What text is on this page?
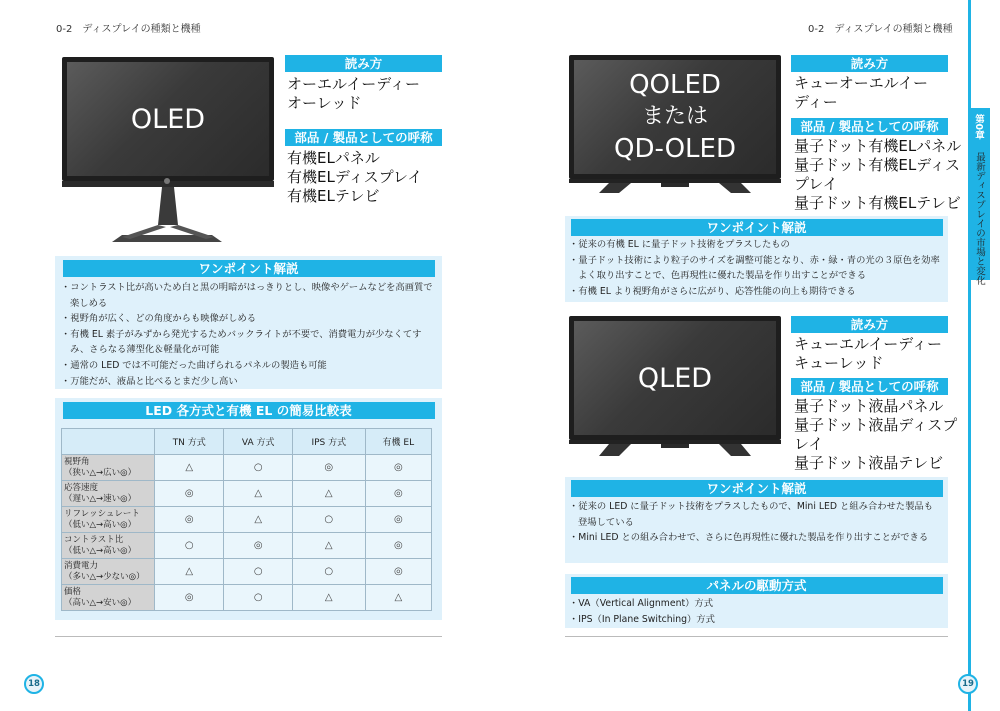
0-2　ディスプレイの種類と機種	0-2　ディスプレイの種類と機種
OLED
読み方
オーエルイーディー
オーレッド
部品 / 製品としての呼称
有機ELパネル
有機ELディスプレイ
有機ELテレビ
ワンポイント解説
・コントラスト比が高いため白と黒の明暗がはっきりとし、映像やゲームなどを高画質で楽しめる
・視野角が広く、どの角度からも映像がしめる
・有機 EL 素子がみずから発光するためバックライトが不要で、消費電力が少なくてすみ、さらなる薄型化＆軽量化が可能
・通常の LED では不可能だった曲げられるパネルの製造も可能
・万能だが、液晶と比べるとまだ少し高い
LED 各方式と有機 EL の簡易比較表
	TN 方式	VA 方式	IPS 方式	有機 EL

視野角
（狭い△→広い◎）	△	○	◎	◎

応答速度
（遅い△→速い◎）	◎	△	△	◎

リフレッシュレート
（低い△→高い◎）	◎	△	○	◎

コントラスト比
（低い△→高い◎）	○	◎	△	◎

消費電力
（多い△→少ない◎）	△	○	○	◎

価格
（高い△→安い◎）	◎	○	△	△
QOLED
または
QD-OLED
読み方
キューオーエルイー
ディー
部品 / 製品としての呼称
量子ドット有機ELパネル
量子ドット有機ELディス
プレイ
量子ドット有機ELテレビ
ワンポイント解説
・従来の有機 EL に量子ドット技術をプラスしたもの
・量子ドット技術により粒子のサイズを調整可能となり、赤・緑・青の光の３原色を効率よく取り出すことで、色再現性に優れた製品を作り出すことができる
・有機 EL より視野角がさらに広がり、応答性能の向上も期待できる
QLED
読み方
キューエルイーディー
キューレッド
部品 / 製品としての呼称
量子ドット液晶パネル
量子ドット液晶ディスプ
レイ
量子ドット液晶テレビ
ワンポイント解説
・従来の LED に量子ドット技術をプラスしたもので、Mini LED と組み合わせた製品も登場している
・Mini LED との組み合わせで、さらに色再現性に優れた製品を作り出すことができる
パネルの駆動方式
・VA（Vertical Alignment）方式
・IPS（In Plane Switching）方式
第0章
最新ディスプレイの市場と変化
18	19
